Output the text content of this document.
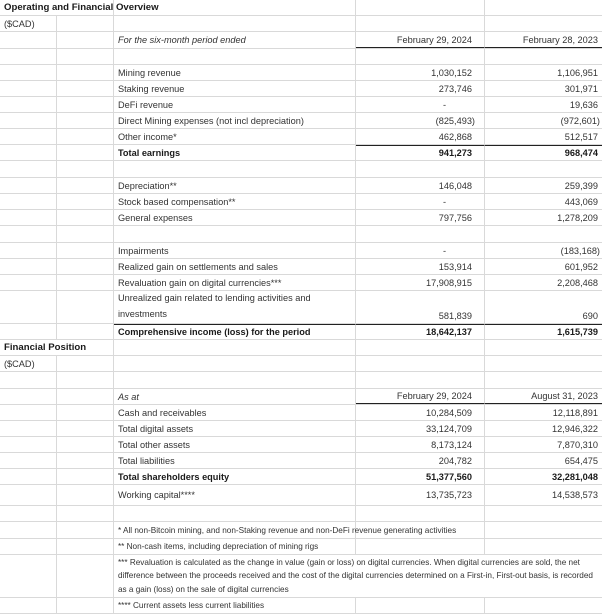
Operating and Financial Overview
($CAD)
For the six-month period ended	February 29, 2024	February 28, 2023
Mining revenue	1,030,152	1,106,951
Staking revenue	273,746	301,971
DeFi revenue	-	19,636
Direct Mining expenses (not incl depreciation)	(825,493)	(972,601)
Other income*	462,868	512,517
Total earnings	941,273	968,474
Depreciation**	146,048	259,399
Stock based compensation**	-	443,069
General expenses	797,756	1,278,209
Impairments	-	(183,168)
Realized gain on settlements and sales	153,914	601,952
Revaluation gain on digital currencies***	17,908,915	2,208,468
Unrealized gain related to lending activities and investments	581,839	690
Comprehensive income (loss) for the period	18,642,137	1,615,739
Financial Position
($CAD)
As at	February 29, 2024	August 31, 2023
Cash and receivables	10,284,509	12,118,891
Total digital assets	33,124,709	12,946,322
Total other assets	8,173,124	7,870,310
Total liabilities	204,782	654,475
Total shareholders equity	51,377,560	32,281,048
Working capital****	13,735,723	14,538,573
* All non-Bitcoin mining, and non-Staking revenue and non-DeFi revenue generating activities
** Non-cash items, including depreciation of mining rigs
*** Revaluation is calculated as the change in value (gain or loss) on digital currencies. When digital currencies are sold, the net difference between the proceeds received and the cost of the digital currencies determined on a First-in, First-out basis, is recorded as a gain (loss) on the sale of digital currencies
**** Current assets less current liabilities
